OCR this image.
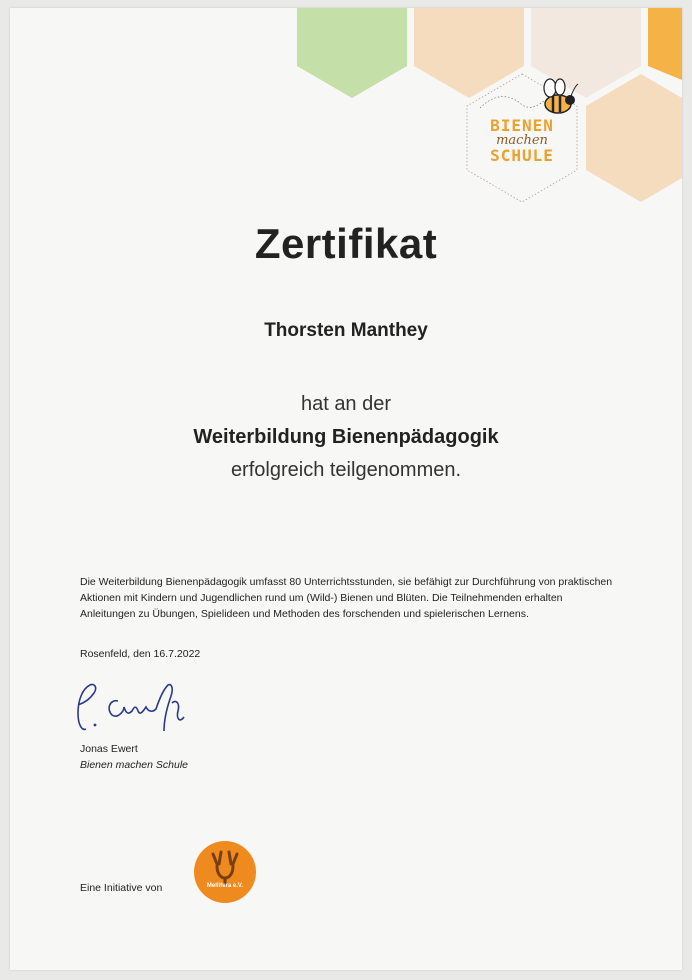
BIENEN
machen
SCHULE
Zertifikat
Thorsten Manthey
hat an der
Weiterbildung Bienenpädagogik
erfolgreich teilgenommen.
Die Weiterbildung Bienenpädagogik umfasst 80 Unterrichtsstunden, sie befähigt zur Durchführung von praktischen Aktionen mit Kindern und Jugendlichen rund um (Wild-) Bienen und Blüten. Die Teilnehmenden erhalten Anleitungen zu Übungen, Spielideen und Methoden des forschenden und spielerischen Lernens.
Rosenfeld, den 16.7.2022
Jonas Ewert
Bienen machen Schule
Eine Initiative von	Mellifera e.V.
